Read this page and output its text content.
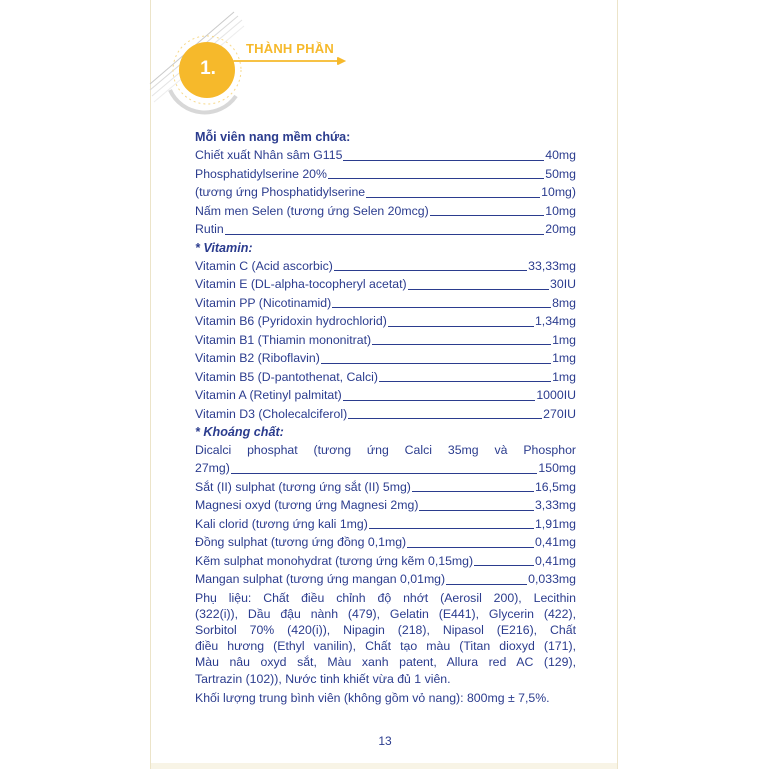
1.
THÀNH PHẦN
Mỗi viên nang mềm chứa:
Chiết xuất Nhân sâm G115	40mg
Phosphatidylserine 20%	50mg
(tương ứng Phosphatidylserine	10mg)
Nấm men Selen (tương ứng Selen 20mcg)	10mg
Rutin	20mg
* Vitamin:
Vitamin C (Acid ascorbic)	33,33mg
Vitamin E (DL-alpha-tocopheryl acetat)	30IU
Vitamin PP (Nicotinamid)	8mg
Vitamin B6 (Pyridoxin hydrochlorid)	1,34mg
Vitamin B1 (Thiamin mononitrat)	1mg
Vitamin B2 (Riboflavin)	1mg
Vitamin B5 (D-pantothenat, Calci)	1mg
Vitamin A (Retinyl palmitat)	1000IU
Vitamin D3 (Cholecalciferol)	270IU
* Khoáng chất:
Dicalci phosphat (tương ứng Calci 35mg và Phosphor
27mg)	150mg
Sắt (II) sulphat (tương ứng sắt (II) 5mg)	16,5mg
Magnesi oxyd (tương ứng Magnesi 2mg)	3,33mg
Kali clorid (tương ứng kali 1mg)	1,91mg
Đồng sulphat (tương ứng đồng 0,1mg)	0,41mg
Kẽm sulphat monohydrat (tương ứng kẽm 0,15mg)	0,41mg
Mangan sulphat (tương ứng mangan 0,01mg)	0,033mg
Phụ liệu: Chất điều chỉnh độ nhớt (Aerosil 200), Lecithin
(322(i)), Dầu đậu nành (479), Gelatin (E441), Glycerin (422),
Sorbitol 70% (420(i)), Nipagin (218), Nipasol (E216), Chất
điều hương (Ethyl vanilin), Chất tạo màu (Titan dioxyd (171),
Màu nâu oxyd sắt, Màu xanh patent, Allura red AC (129),
Tartrazin (102)), Nước tinh khiết vừa đủ 1 viên.
Khối lượng trung bình viên (không gồm vỏ nang): 800mg ± 7,5%.
13
